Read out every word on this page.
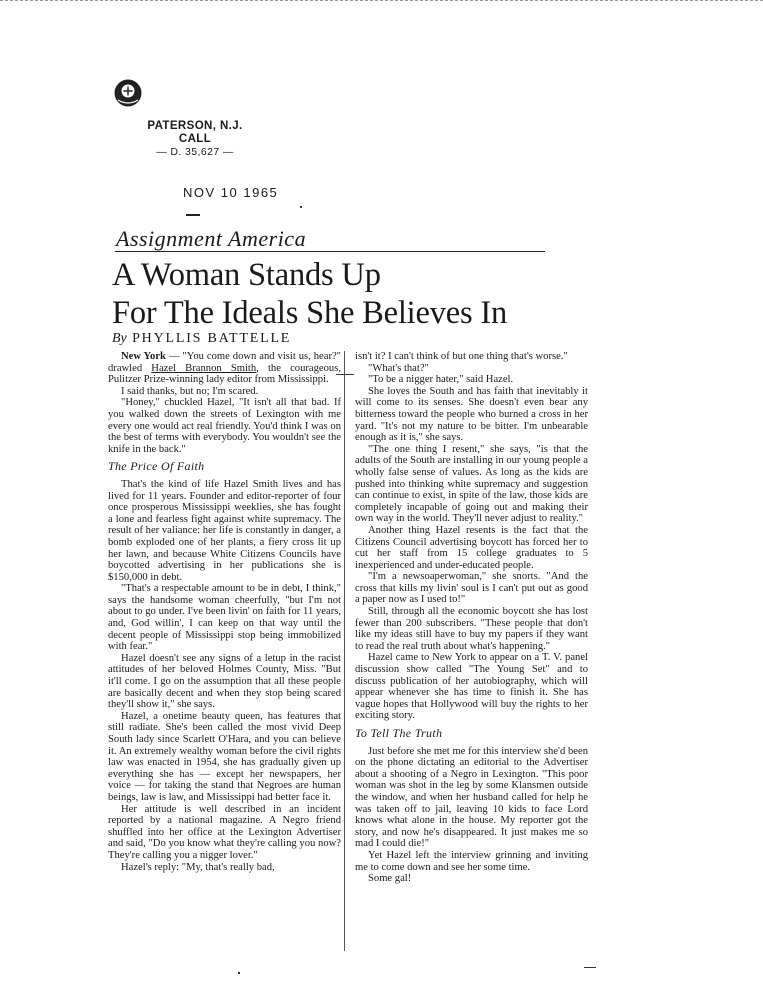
PATERSON, N.J.
CALL
— D. 35,627 —
NOV 10 1965
Assignment America
A Woman Stands Up
For The Ideals She Believes In
By PHYLLIS BATTELLE

New York — "You come down and visit us, hear?" drawled Hazel Brannon Smith, the courageous, Pulitzer Prize-winning lady editor from Mississippi.

I said thanks, but no; I'm scared.

"Honey," chuckled Hazel, "It isn't all that bad. If you walked down the streets of Lexington with me every one would act real friendly. You'd think I was on the best of terms with everybody. You wouldn't see the knife in the back."

The Price Of Faith

That's the kind of life Hazel Smith lives and has lived for 11 years. Founder and editor-reporter of four once prosperous Mississippi weeklies, she has fought a lone and fearless fight against white supremacy. The result of her valiance: her life is constantly in danger, a bomb exploded one of her plants, a fiery cross lit up her lawn, and because White Citizens Councils have boycotted advertising in her publications she is $150,000 in debt.

"That's a respectable amount to be in debt, I think," says the handsome woman cheerfully, "but I'm not about to go under. I've been livin' on faith for 11 years, and, God willin', I can keep on that way until the decent people of Mississippi stop being immobilized with fear."

Hazel doesn't see any signs of a letup in the racist attitudes of her beloved Holmes County, Miss. "But it'll come. I go on the assumption that all these people are basically decent and when they stop being scared they'll show it," she says.

Hazel, a onetime beauty queen, has features that still radiate. She's been called the most vivid Deep South lady since Scarlett O'Hara, and you can believe it. An extremely wealthy woman before the civil rights law was enacted in 1954, she has gradually given up everything she has — except her newspapers, her voice — for taking the stand that Negroes are human beings, law is law, and Mississippi had better face it.

Her attitude is well described in an incident reported by a national magazine. A Negro friend shuffled into her office at the Lexington Advertiser and said, "Do you know what they're calling you now? They're calling you a nigger lover."

Hazel's reply: "My, that's really bad,

isn't it? I can't think of but one thing that's worse."

"What's that?"

"To be a nigger hater," said Hazel.

She loves the South and has faith that inevitably it will come to its senses. She doesn't even bear any bitterness toward the people who burned a cross in her yard. "It's not my nature to be bitter. I'm unbearable enough as it is," she says.

"The one thing I resent," she says, "is that the adults of the South are installing in our young people a wholly false sense of values. As long as the kids are pushed into thinking white supremacy and suggestion can continue to exist, in spite of the law, those kids are completely incapable of going out and making their own way in the world. They'll never adjust to reality."

Another thing Hazel resents is the fact that the Citizens Council advertising boycott has forced her to cut her staff from 15 college graduates to 5 inexperienced and under-educated people.

"I'm a newsoaperwoman," she snorts. "And the cross that kills my livin' soul is I can't put out as good a paper now as I used to!"

Still, through all the economic boycott she has lost fewer than 200 subscribers. "These people that don't like my ideas still have to buy my papers if they want to read the real truth about what's happening."

Hazel came to New York to appear on a T. V. panel discussion show called "The Young Set" and to discuss publication of her autobiography, which will appear whenever she has time to finish it. She has vague hopes that Hollywood will buy the rights to her exciting story.

To Tell The Truth

Just before she met me for this interview she'd been on the phone dictating an editorial to the Advertiser about a shooting of a Negro in Lexington. "This poor woman was shot in the leg by some Klansmen outside the window, and when her husband called for help he was taken off to jail, leaving 10 kids to face Lord knows what alone in the house. My reporter got the story, and now he's disappeared. It just makes me so mad I could die!"

Yet Hazel left the interview grinning and inviting me to come down and see her some time.

Some gal!
